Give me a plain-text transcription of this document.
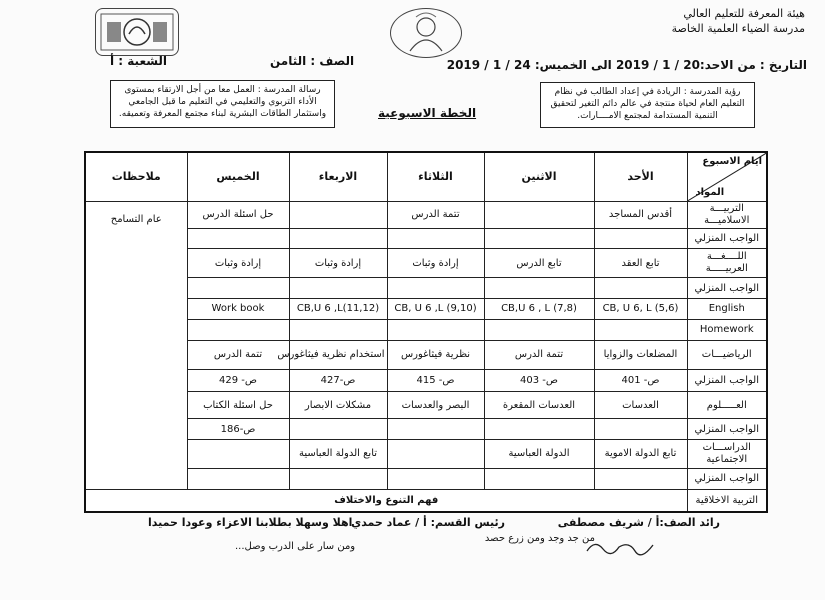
هيئة المعرفة للتعليم العالي
مدرسة الضياء العلمية الخاصة
التاريخ : من الاحد:20 / 1 / 2019 الى الخميس: 24 / 1 / 2019
الصف : الثامن
الشعبة : أ
رؤية المدرسة : الريادة في إعداد الطالب في نظام التعليم العام لحياة منتجة في عالم دائم التغير لتحقيق التنمية المستدامة لمجتمع الامــــارات.
رسالة المدرسة : العمل معا من أجل الارتقاء بمستوى الأداء التربوي والتعليمي في التعليم ما قبل الجامعي واستثمار الطاقات البشرية لبناء مجتمع المعرفة وتعميقه.	الخطة الاسبوعية
ايام الاسبوع
المواد	الأحد	الاثنين	الثلاثاء	الاربعاء	الخميس	ملاحظات
التربيـــة الاسلاميـــة	أقدس المساجد		تتمة الدرس		حل اسئلة الدرس	عام التسامح
الواجب المنزلي						
اللــــغـــة العربيـــــة	تابع العقد	تابع الدرس	إرادة وثبات	إرادة وثبات	إرادة وثبات	
الواجب المنزلي						
English	CB, U 6, L (5,6)	CB,U 6 , L (7,8)	CB, U 6 ,L (9,10)	CB,U 6 ,L(11,12)	Work book	
Homework						
الرياضيـــات	المضلعات والزوايا	تتمة الدرس	نظرية فيثاغورس	استخدام نظرية فيثاغورس	تتمة الدرس	
الواجب المنزلي	ص- 401	ص- 403	ص- 415	ص-427	ص- 429	
العـــــلوم	العدسات	العدسات المقعرة	البصر والعدسات	مشكلات الابصار	حل اسئلة الكتاب	
الواجب المنزلي					ص-186	
الدراســـات الاجتماعية	تابع الدولة الاموية	الدولة العباسية		تابع الدولة العباسية		
الواجب المنزلي						
التربية الاخلاقية	فهم التنوع والاختلاف					
رائد الصف:أ / شريف مصطفى
رئيس القسم: أ / عماد حمدي
اهلا وسهلا بطلابنا الاعزاء وعودا حميدا
من جد وجد ومن زرع حصد
ومن سار على الدرب وصل...
